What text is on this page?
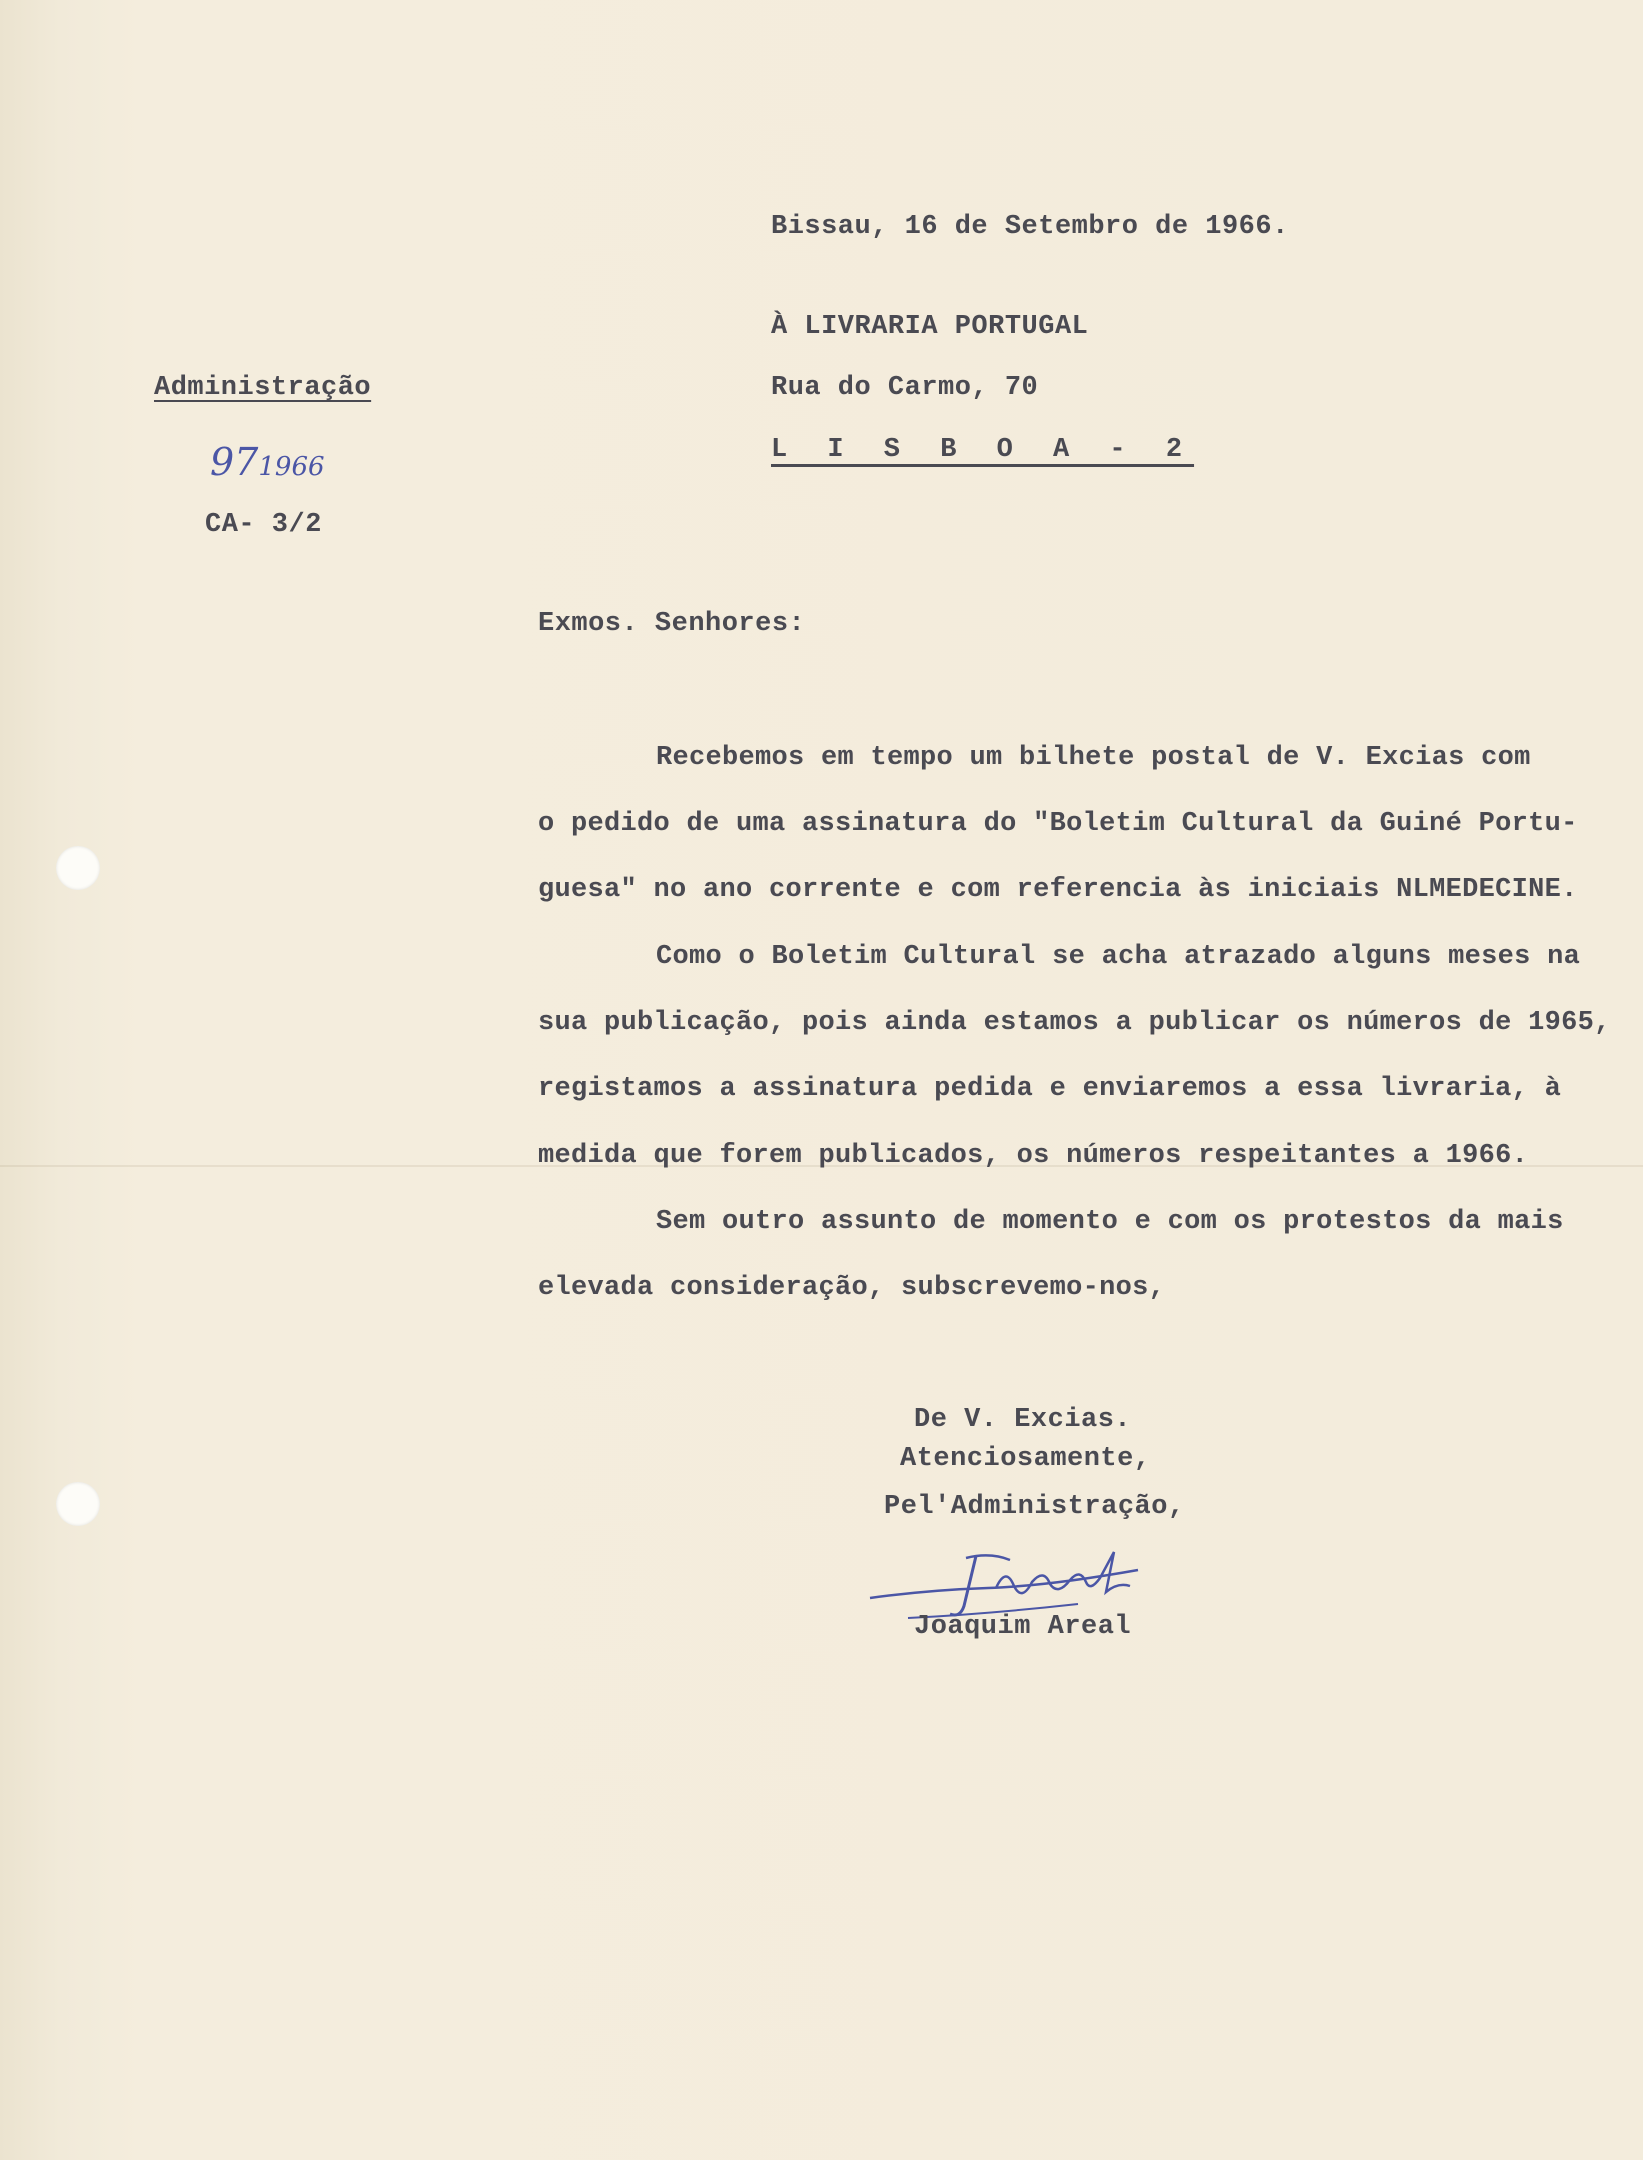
Bissau, 16 de Setembro de 1966.
À LIVRARIA PORTUGAL
Rua do Carmo, 70
L I S B O A - 2
Administração
971966
CA- 3/2
Exmos. Senhores:
Recebemos em tempo um bilhete postal de V. Excias com
o pedido de uma assinatura do "Boletim Cultural da Guiné Portu-
guesa" no ano corrente e com referencia às iniciais NLMEDECINE.
Como o Boletim Cultural se acha atrazado alguns meses na
sua publicação, pois ainda estamos a publicar os números de 1965,
registamos a assinatura pedida e enviaremos a essa livraria, à
medida que forem publicados, os números respeitantes a 1966.
Sem outro assunto de momento e com os protestos da mais
elevada consideração, subscrevemo-nos,
De V. Excias.
Atenciosamente,
Pel'Administração,
Joaquim Areal
